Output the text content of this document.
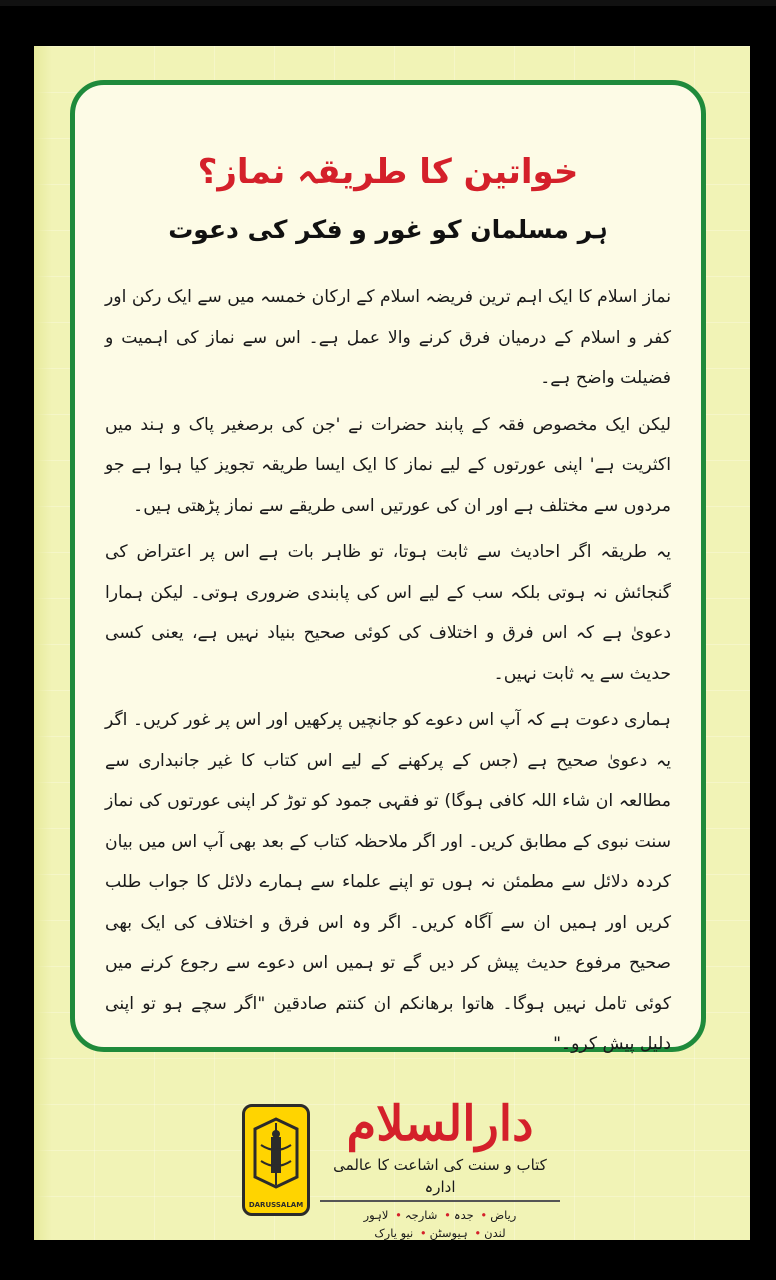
خواتین کا طریقہ نماز؟
ہر مسلمان کو غور و فکر کی دعوت

نماز اسلام کا ایک اہم ترین فریضہ اسلام کے ارکان خمسہ میں سے ایک رکن اور کفر و اسلام کے درمیان فرق کرنے والا عمل ہے۔ اس سے نماز کی اہمیت و فضیلت واضح ہے۔

لیکن ایک مخصوص فقہ کے پابند حضرات نے 'جن کی برصغیر پاک و ہند میں اکثریت ہے' اپنی عورتوں کے لیے نماز کا ایک ایسا طریقہ تجویز کیا ہوا ہے جو مردوں سے مختلف ہے اور ان کی عورتیں اسی طریقے سے نماز پڑھتی ہیں۔

یہ طریقہ اگر احادیث سے ثابت ہوتا، تو ظاہر بات ہے اس پر اعتراض کی گنجائش نہ ہوتی بلکہ سب کے لیے اس کی پابندی ضروری ہوتی۔ لیکن ہمارا دعویٰ ہے کہ اس فرق و اختلاف کی کوئی صحیح بنیاد نہیں ہے، یعنی کسی حدیث سے یہ ثابت نہیں۔

ہماری دعوت ہے کہ آپ اس دعوے کو جانچیں پرکھیں اور اس پر غور کریں۔ اگر یہ دعویٰ صحیح ہے (جس کے پرکھنے کے لیے اس کتاب کا غیر جانبداری سے مطالعہ ان شاء اللہ کافی ہوگا) تو فقہی جمود کو توڑ کر اپنی عورتوں کی نماز سنت نبوی کے مطابق کریں۔ اور اگر ملاحظہ کتاب کے بعد بھی آپ اس میں بیان کردہ دلائل سے مطمئن نہ ہوں تو اپنے علماء سے ہمارے دلائل کا جواب طلب کریں اور ہمیں ان سے آگاہ کریں۔ اگر وہ اس فرق و اختلاف کی ایک بھی صحیح مرفوع حدیث پیش کر دیں گے تو ہمیں اس دعوے سے رجوع کرنے میں کوئی تامل نہیں ہوگا۔ ھاتوا برھانکم ان کنتم صادقین "اگر سچے ہو تو اپنی دلیل پیش کرو۔"

DARUSSALAM

دارالسلام

کتاب و سنت کی اشاعت کا عالمی ادارہ

ریاض• جدہ• شارجہ• لاہور

لندن• ہیوسٹن• نیو یارک
